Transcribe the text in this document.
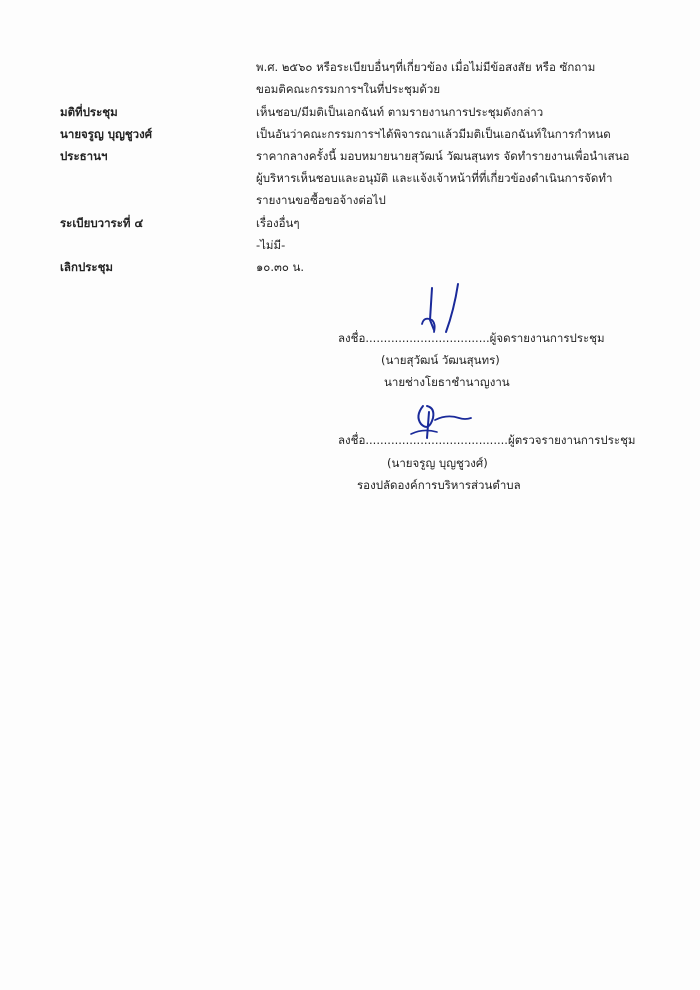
พ.ศ. ๒๕๖๐ หรือระเบียบอื่นๆที่เกี่ยวข้อง เมื่อไม่มีข้อสงสัย หรือ ซักถาม
ขอมติคณะกรรมการฯในที่ประชุมด้วย
มติที่ประชุม	เห็นชอบ/มีมติเป็นเอกฉันท์ ตามรายงานการประชุมดังกล่าว
นายจรูญ บุญชูวงศ์	เป็นอันว่าคณะกรรมการฯได้พิจารณาแล้วมีมติเป็นเอกฉันท์ในการกำหนด
ประธานฯ	ราคากลางครั้งนี้ มอบหมายนายสุวัฒน์ วัฒนสุนทร จัดทำรายงานเพื่อนำเสนอ
ผู้บริหารเห็นชอบและอนุมัติ และแจ้งเจ้าหน้าที่ที่เกี่ยวข้องดำเนินการจัดทำ
รายงานขอซื้อขอจ้างต่อไป
ระเบียบวาระที่ ๔	เรื่องอื่นๆ
-ไม่มี-
เลิกประชุม	๑๐.๓๐ น.
ลงชื่อ..................................ผู้จดรายงานการประชุม
(นายสุวัฒน์ วัฒนสุนทร)
นายช่างโยธาชำนาญงาน
ลงชื่อ.......................................ผู้ตรวจรายงานการประชุม
(นายจรูญ บุญชูวงศ์)
รองปลัดองค์การบริหารส่วนตำบล
